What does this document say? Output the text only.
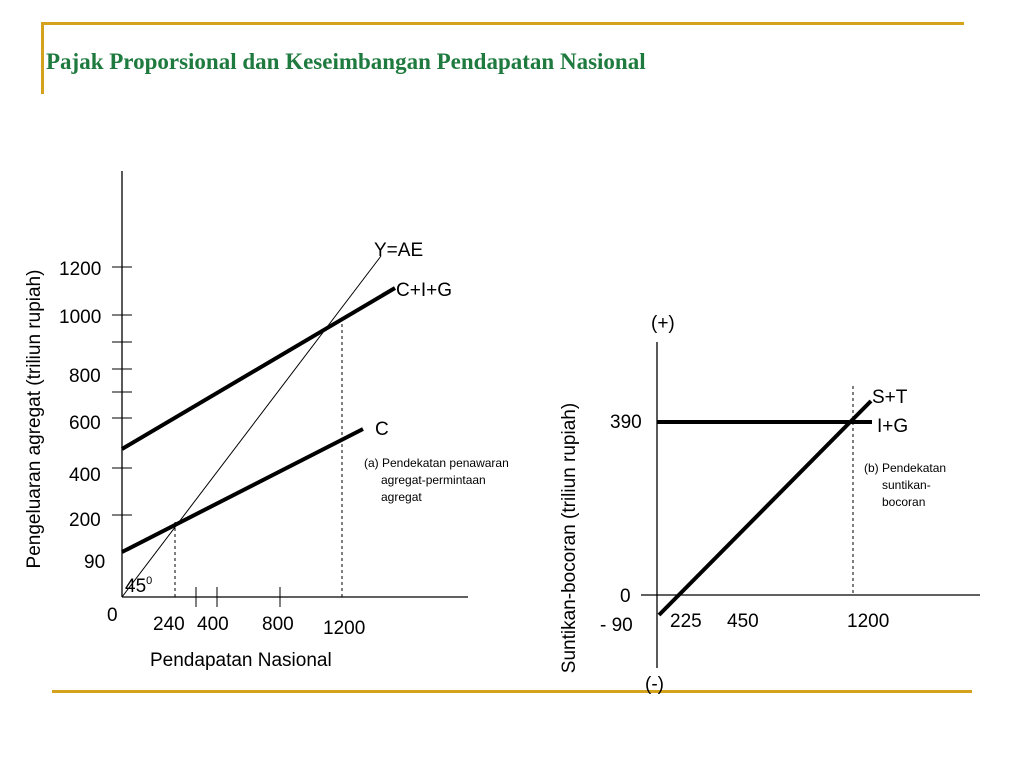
Pajak Proporsional dan Keseimbangan Pendapatan Nasional
1200
1000
800
600
400
200
90
0
$45^0$
240 400 800 1200
Pendapatan Nasional
Pengeluaran agregat (triliun rupiah)
Y=AE
C+I+G
C
(a) Pendekatan penawaran
agregat-permintaan
agregat
(+)
(-)
390
0
- 90 225 450	1200
Suntikan-bocoran (triliun rupiah)
S+T
I+G
(b) Pendekatan
suntikan-
bocoran
